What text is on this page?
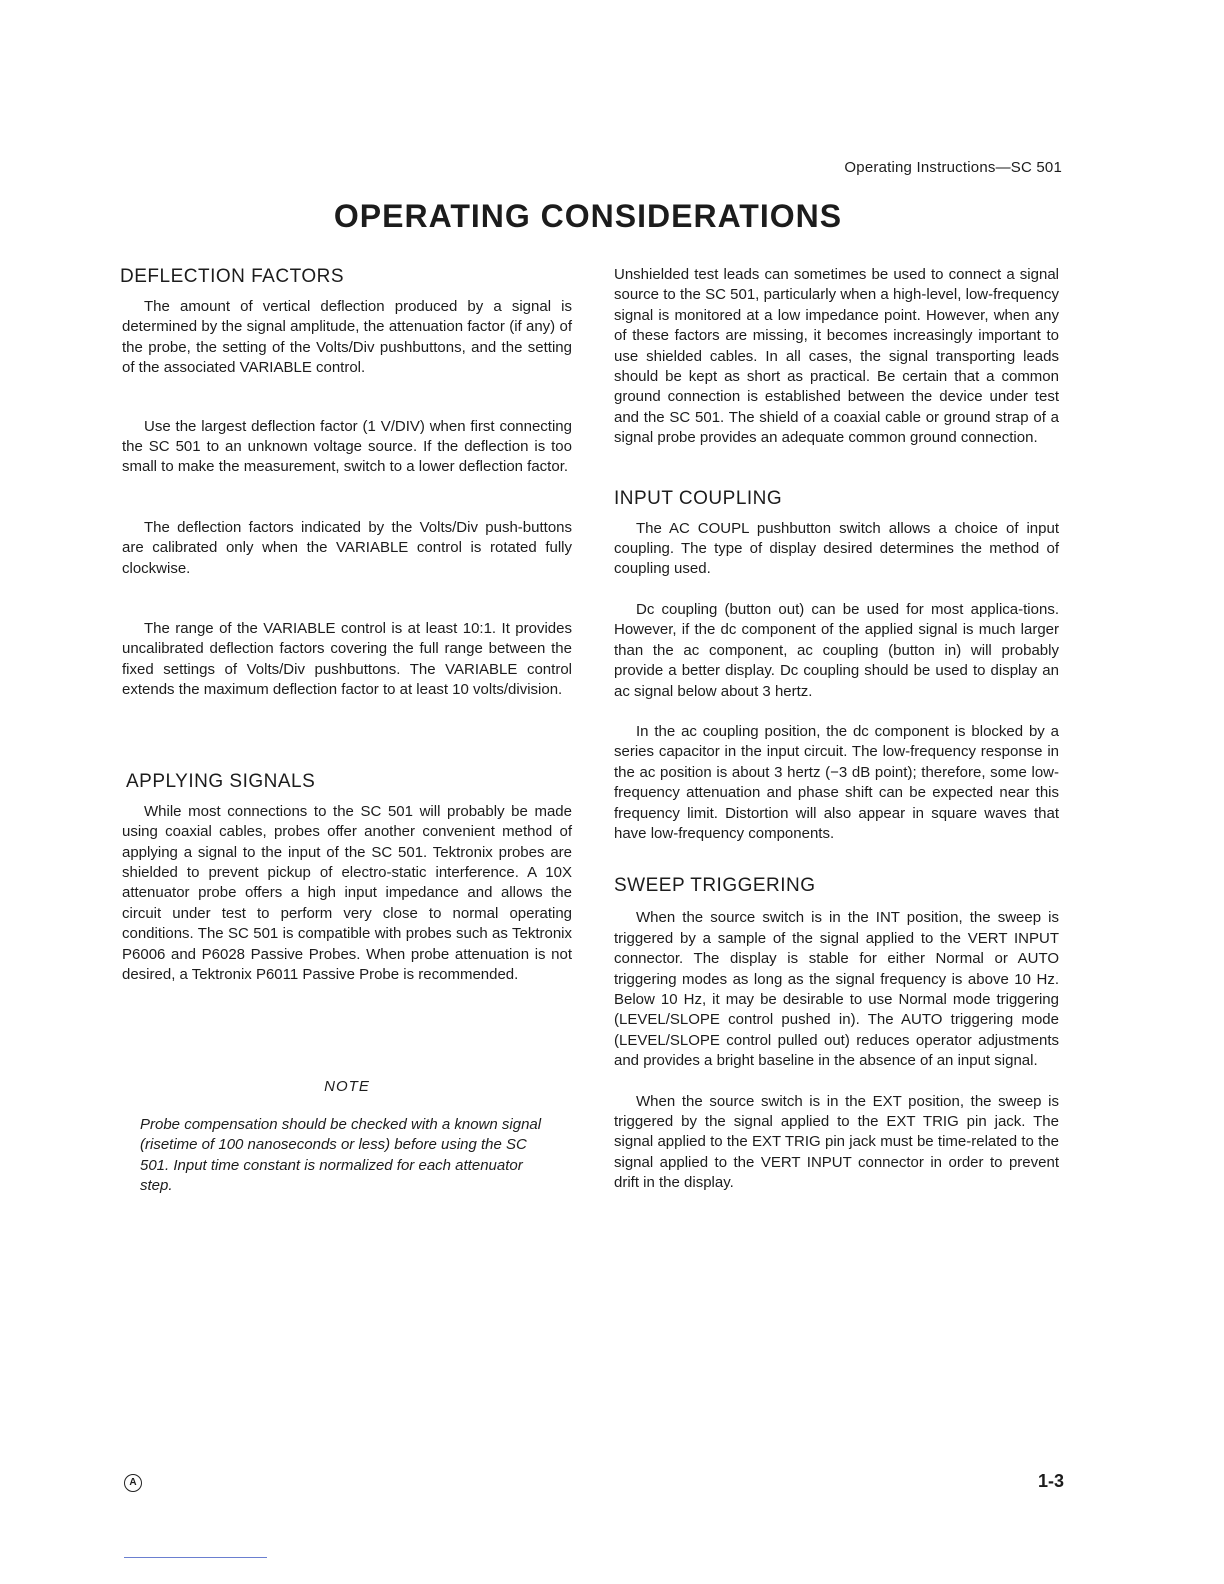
Operating Instructions—SC 501
OPERATING CONSIDERATIONS
DEFLECTION FACTORS

The amount of vertical deflection produced by a signal is determined by the signal amplitude, the attenuation factor (if any) of the probe, the setting of the Volts/Div pushbuttons, and the setting of the associated VARIABLE control.

Use the largest deflection factor (1 V/DIV) when first connecting the SC 501 to an unknown voltage source. If the deflection is too small to make the measurement, switch to a lower deflection factor.

The deflection factors indicated by the Volts/Div push-buttons are calibrated only when the VARIABLE control is rotated fully clockwise.

The range of the VARIABLE control is at least 10:1. It provides uncalibrated deflection factors covering the full range between the fixed settings of Volts/Div pushbuttons. The VARIABLE control extends the maximum deflection factor to at least 10 volts/division.

APPLYING SIGNALS

While most connections to the SC 501 will probably be made using coaxial cables, probes offer another convenient method of applying a signal to the input of the SC 501. Tektronix probes are shielded to prevent pickup of electro-static interference. A 10X attenuator probe offers a high input impedance and allows the circuit under test to perform very close to normal operating conditions. The SC 501 is compatible with probes such as Tektronix P6006 and P6028 Passive Probes. When probe attenuation is not desired, a Tektronix P6011 Passive Probe is recommended.

NOTE

Probe compensation should be checked with a known signal (risetime of 100 nanoseconds or less) before using the SC 501. Input time constant is normalized for each attenuator step.

Unshielded test leads can sometimes be used to connect a signal source to the SC 501, particularly when a high-level, low-frequency signal is monitored at a low impedance point. However, when any of these factors are missing, it becomes increasingly important to use shielded cables. In all cases, the signal transporting leads should be kept as short as practical. Be certain that a common ground connection is established between the device under test and the SC 501. The shield of a coaxial cable or ground strap of a signal probe provides an adequate common ground connection.

INPUT COUPLING

The AC COUPL pushbutton switch allows a choice of input coupling. The type of display desired determines the method of coupling used.

Dc coupling (button out) can be used for most applica-tions. However, if the dc component of the applied signal is much larger than the ac component, ac coupling (button in) will probably provide a better display. Dc coupling should be used to display an ac signal below about 3 hertz.

In the ac coupling position, the dc component is blocked by a series capacitor in the input circuit. The low-frequency response in the ac position is about 3 hertz (−3 dB point); therefore, some low-frequency attenuation and phase shift can be expected near this frequency limit. Distortion will also appear in square waves that have low-frequency components.

SWEEP TRIGGERING

When the source switch is in the INT position, the sweep is triggered by a sample of the signal applied to the VERT INPUT connector. The display is stable for either Normal or AUTO triggering modes as long as the signal frequency is above 10 Hz. Below 10 Hz, it may be desirable to use Normal mode triggering (LEVEL/SLOPE control pushed in). The AUTO triggering mode (LEVEL/SLOPE control pulled out) reduces operator adjustments and provides a bright baseline in the absence of an input signal.

When the source switch is in the EXT position, the sweep is triggered by the signal applied to the EXT TRIG pin jack. The signal applied to the EXT TRIG pin jack must be time-related to the signal applied to the VERT INPUT connector in order to prevent drift in the display.

A	1-3
